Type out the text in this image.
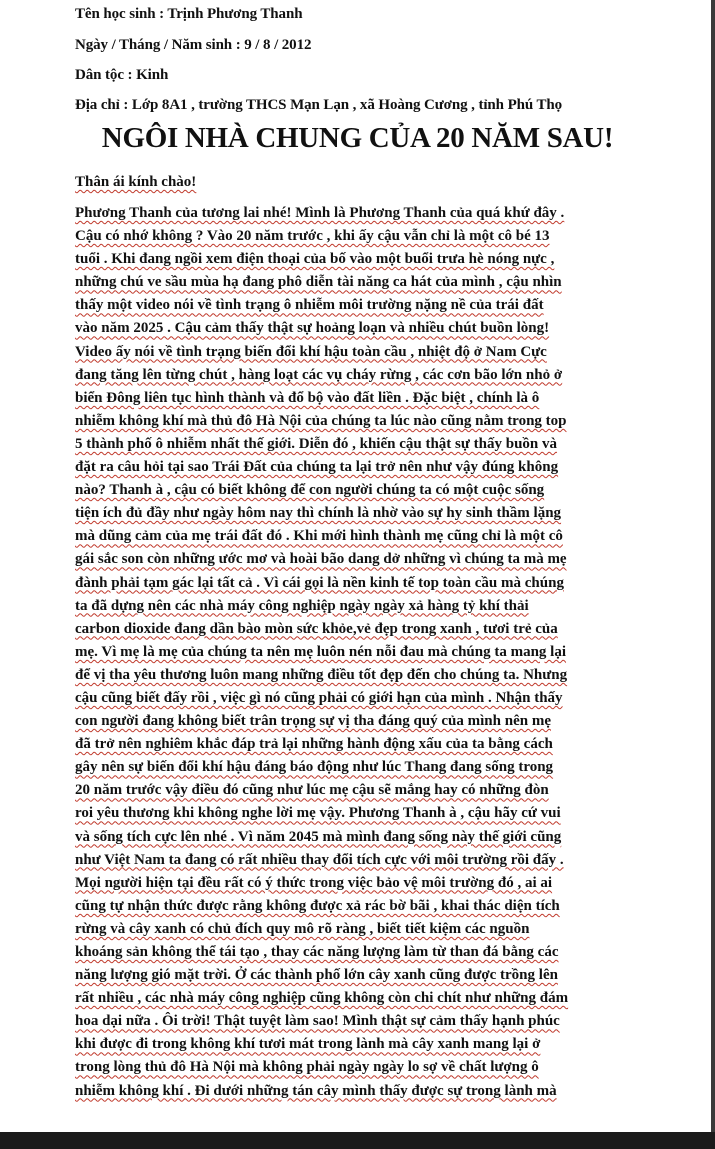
Tên học sinh : Trịnh Phương Thanh
Ngày / Tháng / Năm sinh : 9 / 8 / 2012
Dân tộc : Kinh
Địa chỉ : Lớp 8A1 , trường THCS Mạn Lạn , xã Hoàng Cương , tỉnh Phú Thọ
NGÔI NHÀ CHUNG CỦA 20 NĂM SAU!
Thân ái kính chào!
Phương Thanh của tương lai nhé! Mình là Phương Thanh của quá khứ đây .
Cậu có nhớ không ? Vào 20 năm trước , khi ấy cậu vẫn chỉ là một cô bé 13
tuổi . Khi đang ngồi xem điện thoại của bố vào một buổi trưa hè nóng nực ,
những chú ve sầu mùa hạ đang phô diễn tài năng ca hát của mình , cậu nhìn
thấy một video nói về tình trạng ô nhiễm môi trường nặng nề của trái đất
vào năm 2025 . Cậu cảm thấy thật sự hoảng loạn và nhiều chút buồn lòng!
Video ấy nói về tình trạng biến đổi khí hậu toàn cầu , nhiệt độ ở Nam Cực
đang tăng lên từng chút , hàng loạt các vụ cháy rừng , các cơn bão lớn nhỏ ở
biển Đông liên tục hình thành và đổ bộ vào đất liền . Đặc biệt , chính là ô
nhiễm không khí mà thủ đô Hà Nội của chúng ta lúc nào cũng nằm trong top
5 thành phố ô nhiễm nhất thế giới. Diễn đó , khiến cậu thật sự thấy buồn và
đặt ra câu hỏi tại sao Trái Đất của chúng ta lại trở nên như vậy đúng không
nào? Thanh à , cậu có biết không để con người chúng ta có một cuộc sống
tiện ích đủ đầy như ngày hôm nay thì chính là nhờ vào sự hy sinh thầm lặng
mà dũng cảm của mẹ trái đất đó . Khi mới hình thành mẹ cũng chỉ là một cô
gái sắc son còn những ước mơ và hoài bão dang dở những vì chúng ta mà mẹ
đành phải tạm gác lại tất cả . Vì cái gọi là nền kinh tế top toàn cầu mà chúng
ta đã dựng nên các nhà máy công nghiệp ngày ngày xả hàng tỷ khí thải
carbon dioxide đang dần bào mòn sức khỏe,vẻ đẹp trong xanh , tươi trẻ của
mẹ. Vì mẹ là mẹ của chúng ta nên mẹ luôn nén nỗi đau mà chúng ta mang lại
để vị tha yêu thương luôn mang những điều tốt đẹp đến cho chúng ta. Nhưng
cậu cũng biết đấy rồi , việc gì nó cũng phải có giới hạn của mình . Nhận thấy
con người đang không biết trân trọng sự vị tha đáng quý của mình nên mẹ
đã trở nên nghiêm khắc đáp trả lại những hành động xấu của ta bằng cách
gây nên sự biến đổi khí hậu đáng báo động như lúc Thang đang sống trong
20 năm trước vậy điều đó cũng như lúc mẹ cậu sẽ mắng hay có những đòn
roi yêu thương khi không nghe lời mẹ vậy. Phương Thanh à , cậu hãy cứ vui
và sống tích cực lên nhé . Vì năm 2045 mà mình đang sống này thế giới cũng
như Việt Nam ta đang có rất nhiều thay đổi tích cực với môi trường rồi đấy .
Mọi người hiện tại đều rất có ý thức trong việc bảo vệ môi trường đó , ai ai
cũng tự nhận thức được rằng không được xả rác bờ bãi , khai thác diện tích
rừng và cây xanh có chủ đích quy mô rõ ràng , biết tiết kiệm các nguồn
khoáng sản không thể tái tạo , thay các năng lượng làm từ than đá bằng các
năng lượng gió mặt trời. Ở các thành phố lớn cây xanh cũng được trồng lên
rất nhiều , các nhà máy công nghiệp cũng không còn chi chít như những đám
hoa dại nữa . Ôi trời! Thật tuyệt làm sao! Mình thật sự cảm thấy hạnh phúc
khi được đi trong không khí tươi mát trong lành mà cây xanh mang lại ở
trong lòng thủ đô Hà Nội mà không phải ngày ngày lo sợ về chất lượng ô
nhiễm không khí . Đi dưới những tán cây mình thấy được sự trong lành mà
